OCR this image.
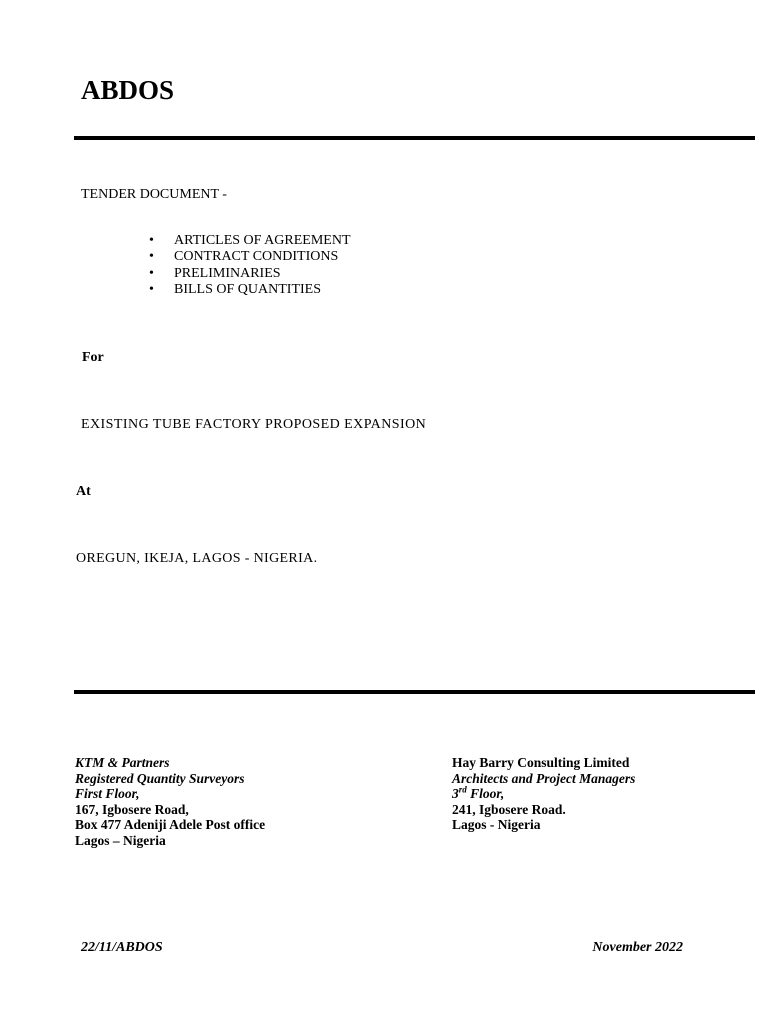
ABDOS

TENDER DOCUMENT -

• ARTICLES OF AGREEMENT
• CONTRACT CONDITIONS
• PRELIMINARIES
• BILLS OF QUANTITIES

For

EXISTING TUBE FACTORY PROPOSED EXPANSION

At

OREGUN, IKEJA, LAGOS - NIGERIA.

KTM & Partners
Registered Quantity Surveyors
First Floor,
167, Igbosere Road,
Box 477 Adeniji Adele Post office
Lagos – Nigeria
Hay Barry Consulting Limited
Architects and Project Managers
3rd Floor,
241, Igbosere Road.
Lagos - Nigeria

22/11/ABDOS	November 2022
